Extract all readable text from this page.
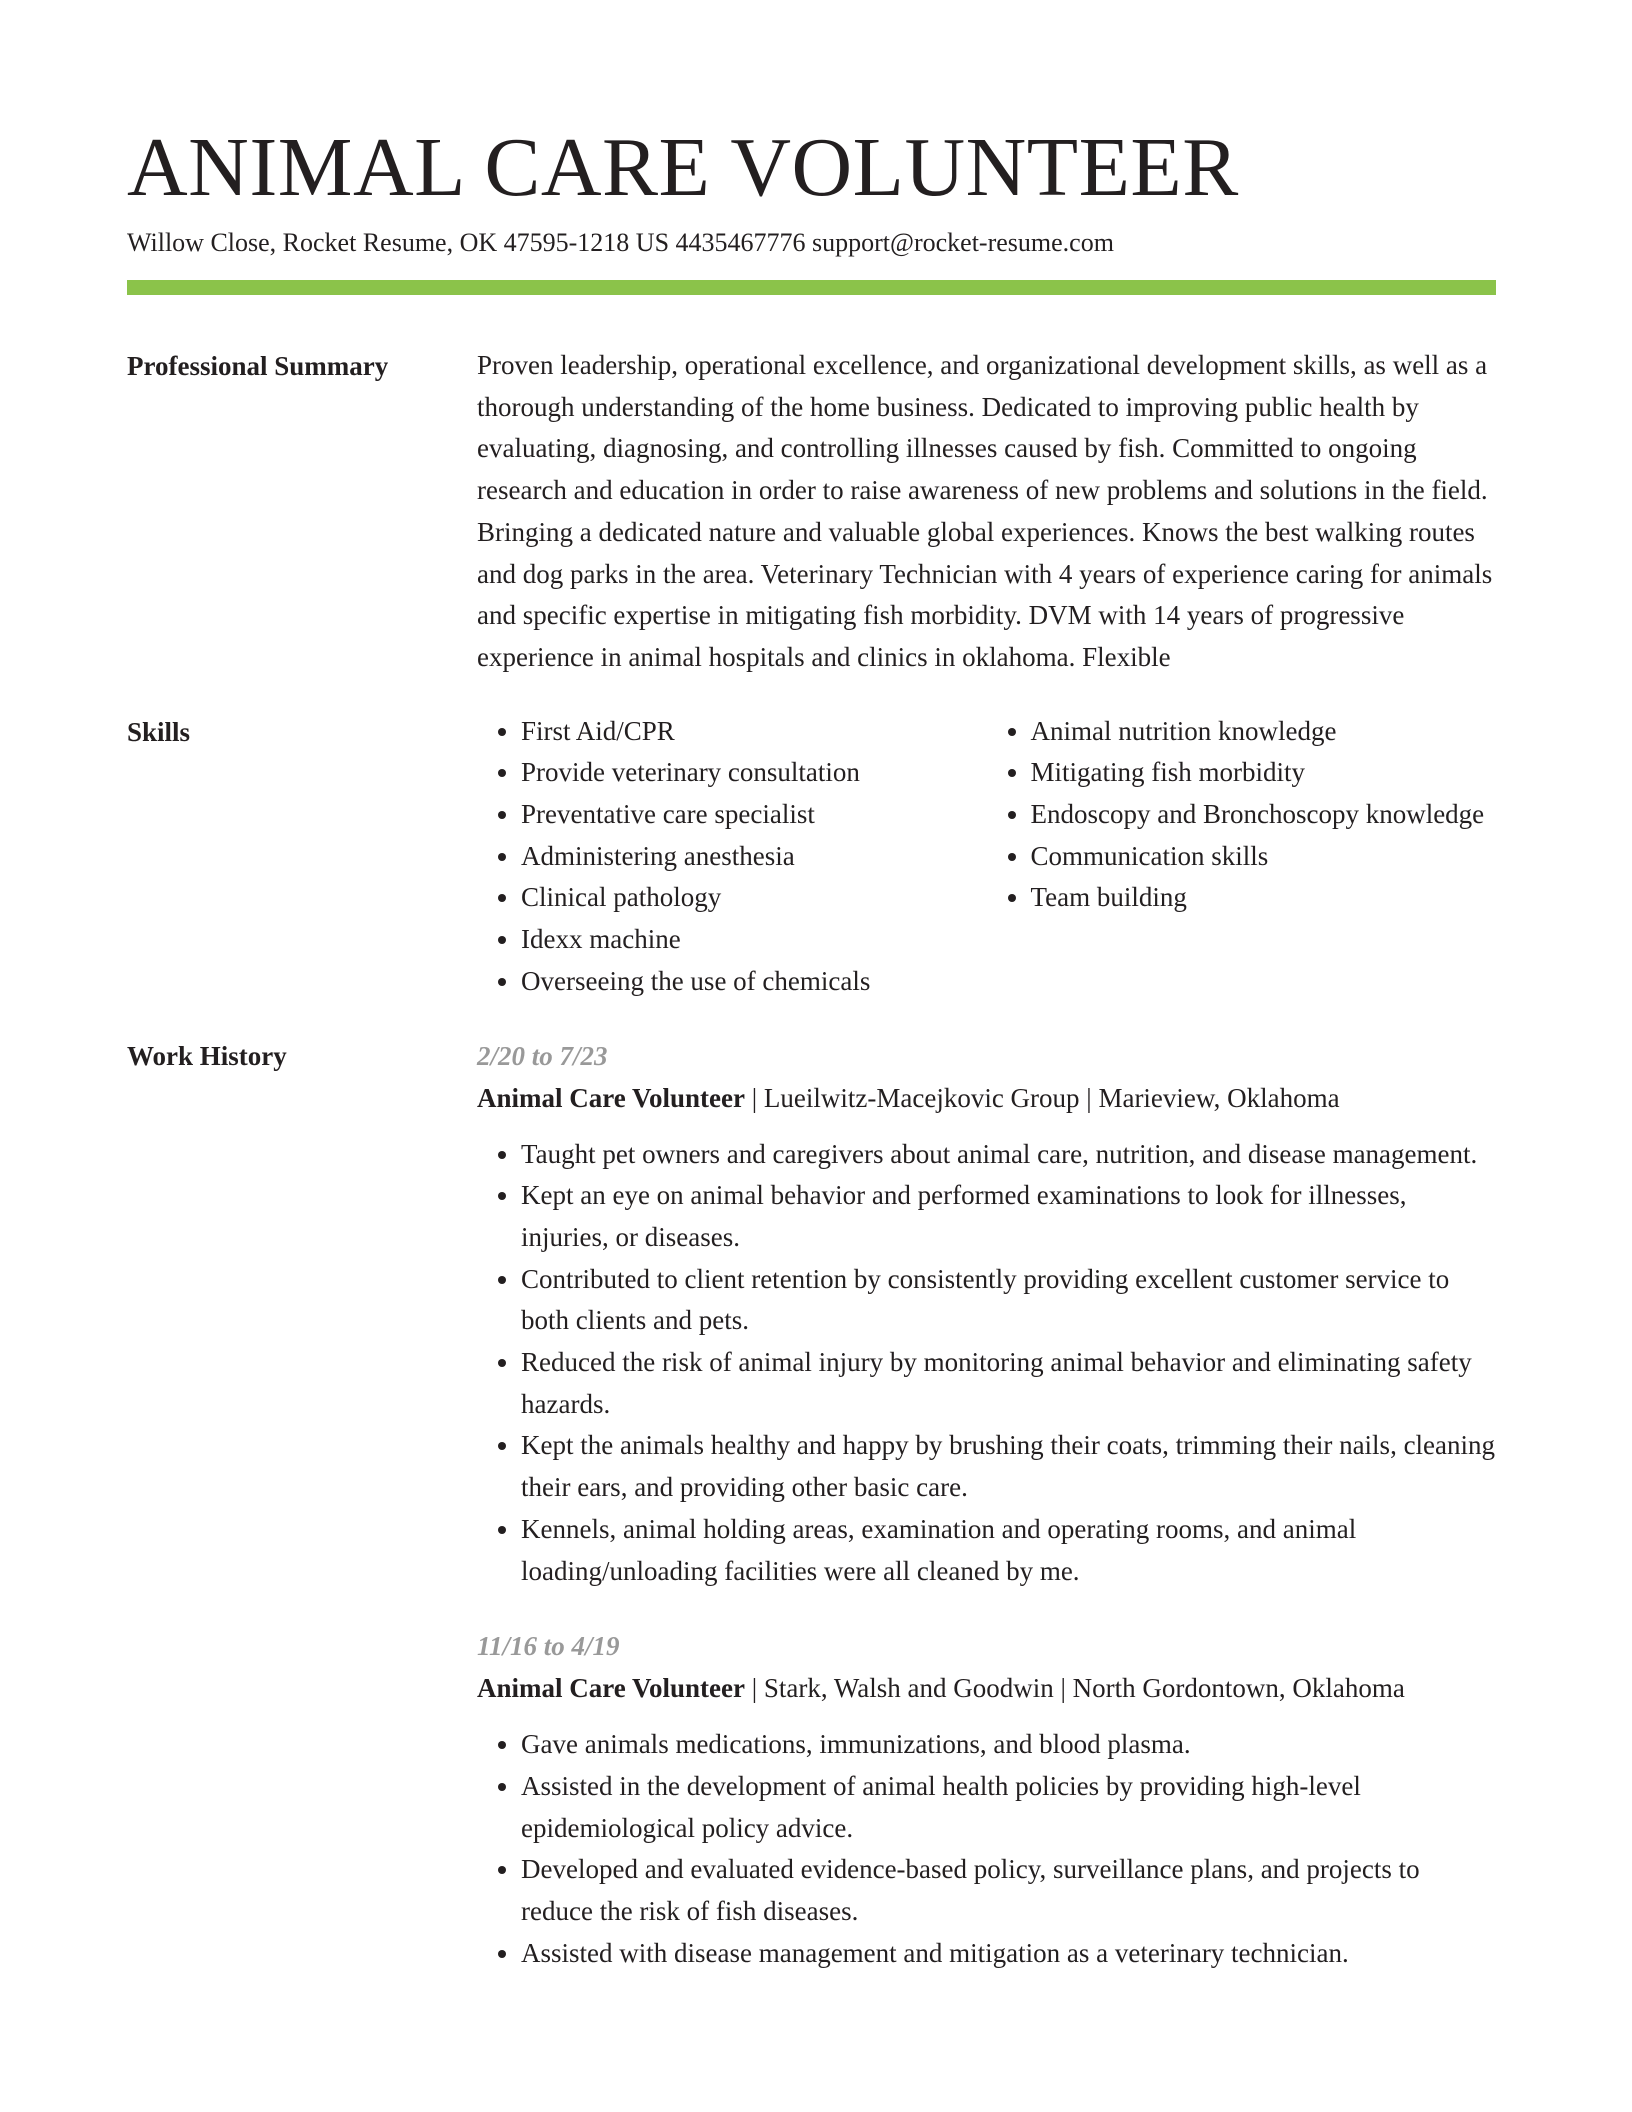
ANIMAL CARE VOLUNTEER
Willow Close, Rocket Resume, OK 47595-1218 US 4435467776 support@rocket-resume.com
Professional Summary	Proven leadership, operational excellence, and organizational development skills, as well as a thorough understanding of the home business. Dedicated to improving public health by evaluating, diagnosing, and controlling illnesses caused by fish. Committed to ongoing research and education in order to raise awareness of new problems and solutions in the field. Bringing a dedicated nature and valuable global experiences. Knows the best walking routes and dog parks in the area. Veterinary Technician with 4 years of experience caring for animals and specific expertise in mitigating fish morbidity. DVM with 14 years of progressive experience in animal hospitals and clinics in oklahoma. Flexible

Skills
•	First Aid/CPR
• Provide veterinary consultation
• Preventative care specialist
• Administering anesthesia
• Clinical pathology
• Idexx machine
• Overseeing the use of chemicals
• Animal nutrition knowledge
• Mitigating fish morbidity
• Endoscopy and Bronchoscopy knowledge
• Communication skills
• Team building
Work History	2/20 to 7/23
Animal Care Volunteer | Lueilwitz-Macejkovic Group | Marieview, Oklahoma
• Taught pet owners and caregivers about animal care, nutrition, and disease management.
• Kept an eye on animal behavior and performed examinations to look for illnesses, injuries, or diseases.
• Contributed to client retention by consistently providing excellent customer service to both clients and pets.
• Reduced the risk of animal injury by monitoring animal behavior and eliminating safety hazards.
• Kept the animals healthy and happy by brushing their coats, trimming their nails, cleaning their ears, and providing other basic care.
• Kennels, animal holding areas, examination and operating rooms, and animal loading/unloading facilities were all cleaned by me.
11/16 to 4/19
Animal Care Volunteer | Stark, Walsh and Goodwin | North Gordontown, Oklahoma
• Gave animals medications, immunizations, and blood plasma.
• Assisted in the development of animal health policies by providing high-level epidemiological policy advice.
• Developed and evaluated evidence-based policy, surveillance plans, and projects to reduce the risk of fish diseases.
• Assisted with disease management and mitigation as a veterinary technician.
